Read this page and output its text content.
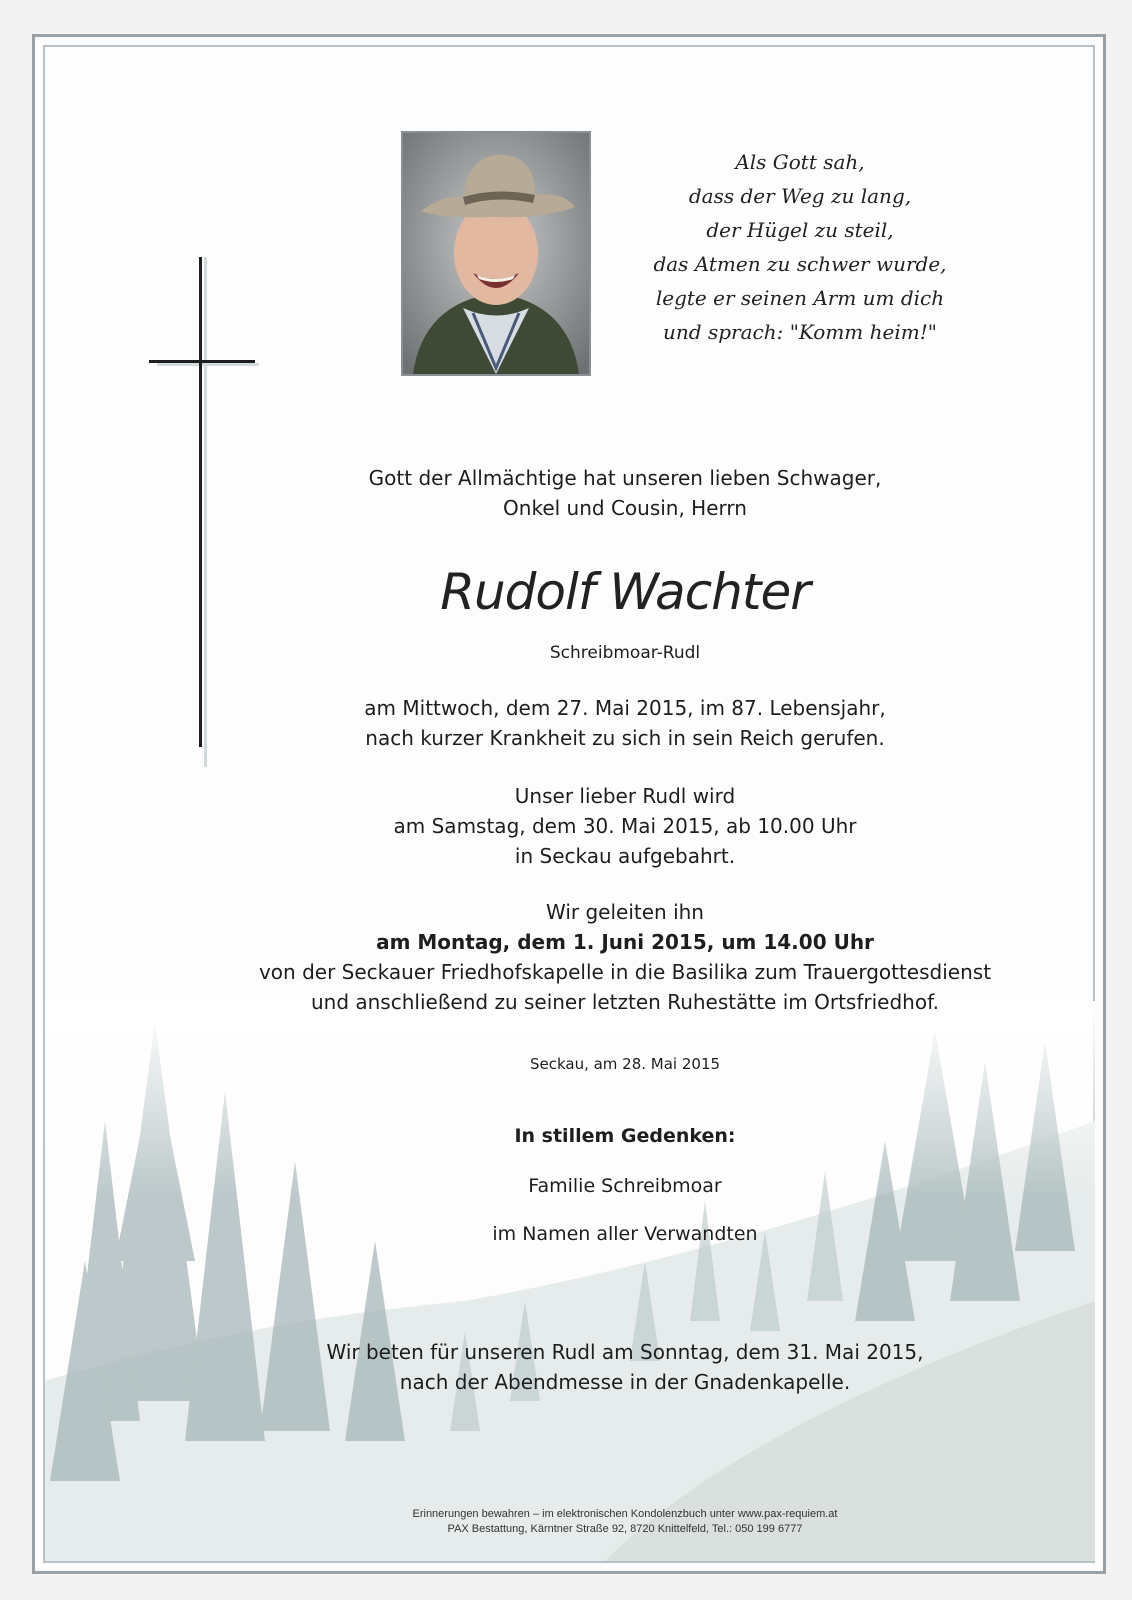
Als Gott sah,
dass der Weg zu lang,
der Hügel zu steil,
das Atmen zu schwer wurde,
legte er seinen Arm um dich
und sprach: "Komm heim!"
Gott der Allmächtige hat unseren lieben Schwager,
Onkel und Cousin, Herrn
Rudolf Wachter
Schreibmoar-Rudl
am Mittwoch, dem 27. Mai 2015, im 87. Lebensjahr,
nach kurzer Krankheit zu sich in sein Reich gerufen.
Unser lieber Rudl wird
am Samstag, dem 30. Mai 2015, ab 10.00 Uhr
in Seckau aufgebahrt.
Wir geleiten ihn
am Montag, dem 1. Juni 2015, um 14.00 Uhr
von der Seckauer Friedhofskapelle in die Basilika zum Trauergottesdienst
und anschließend zu seiner letzten Ruhestätte im Ortsfriedhof.
Seckau, am 28. Mai 2015
In stillem Gedenken:
Familie Schreibmoar
im Namen aller Verwandten
Wir beten für unseren Rudl am Sonntag, dem 31. Mai 2015,
nach der Abendmesse in der Gnadenkapelle.
Erinnerungen bewahren – im elektronischen Kondolenzbuch unter www.pax-requiem.at
PAX Bestattung, Kärntner Straße 92, 8720 Knittelfeld, Tel.: 050 199 6777
